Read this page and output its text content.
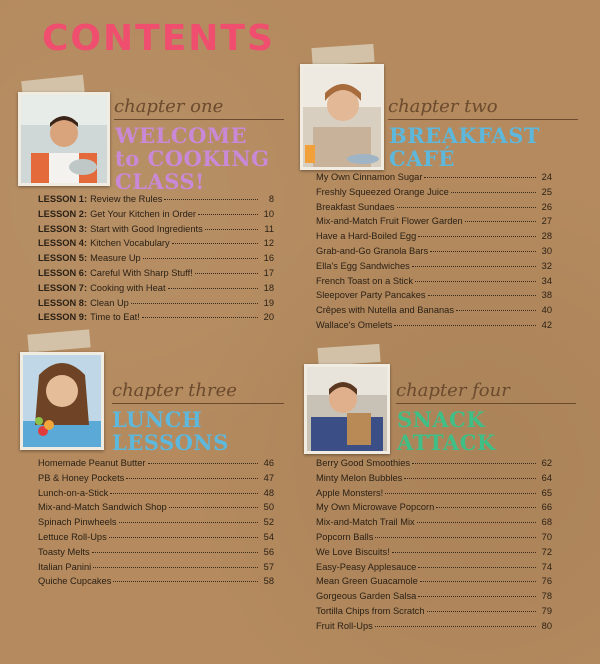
CONTENTS
chapter one
WELCOME
to COOKING
CLASS!
LESSON 1: Review the Rules	8
LESSON 2: Get Your Kitchen in Order	10
LESSON 3: Start with Good Ingredients	11
LESSON 4: Kitchen Vocabulary	12
LESSON 5: Measure Up	16
LESSON 6: Careful With Sharp Stuff!	17
LESSON 7: Cooking with Heat	18
LESSON 8: Clean Up	19
LESSON 9: Time to Eat!	20
chapter two
BREAKFAST
CAFÉ
My Own Cinnamon Sugar	24
Freshly Squeezed Orange Juice	25
Breakfast Sundaes	26
Mix-and-Match Fruit Flower Garden	27
Have a Hard-Boiled Egg	28
Grab-and-Go Granola Bars	30
Ella's Egg Sandwiches	32
French Toast on a Stick	34
Sleepover Party Pancakes	38
Crêpes with Nutella and Bananas	40
Wallace's Omelets	42
chapter three
LUNCH
LESSONS
Homemade Peanut Butter	46
PB & Honey Pockets	47
Lunch-on-a-Stick	48
Mix-and-Match Sandwich Shop	50
Spinach Pinwheels	52
Lettuce Roll-Ups	54
Toasty Melts	56
Italian Panini	57
Quiche Cupcakes	58
chapter four
SNACK
ATTACK
Berry Good Smoothies	62
Minty Melon Bubbles	64
Apple Monsters!	65
My Own Microwave Popcorn	66
Mix-and-Match Trail Mix	68
Popcorn Balls	70
We Love Biscuits!	72
Easy-Peasy Applesauce	74
Mean Green Guacamole	76
Gorgeous Garden Salsa	78
Tortilla Chips from Scratch	79
Fruit Roll-Ups	80
